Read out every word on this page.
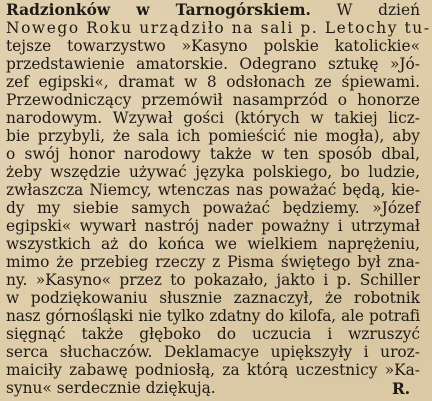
Radzionków w Tarnogórskiem. W dzień
Nowego Roku urządziło na sali p. Letochy tu-
tejsze towarzystwo »Kasyno polskie katolickie«
przedstawienie amatorskie. Odegrano sztukę »Jó-
zef egipski«, dramat w 8 odsłonach ze śpiewami.
Przewodniczący przemówił nasamprzód o honorze
narodowym. Wzywał gości (których w takiej licz-
bie przybyli, że sala ich pomieścić nie mogła), aby
o swój honor narodowy także w ten sposób dbal,
żeby wszędzie używać języka polskiego, bo ludzie,
zwłaszcza Niemcy, wtenczas nas poważać będą, kie-
dy my siebie samych poważać będziemy. »Józef
egipski« wywarł nastrój nader poważny i utrzymał
wszystkich aż do końca we wielkiem naprężeniu,
mimo że przebieg rzeczy z Pisma świętego był zna-
ny. »Kasyno« przez to pokazało, jakto i p. Schiller
w podziękowaniu słusznie zaznaczył, że robotnik
nasz górnośląski nie tylko zdatny do kilofa, ale potrafi
sięgnąć także głęboko do uczucia i wzruszyć
serca słuchaczów. Deklamacye upiększyły i uroz-
maiciły zabawę podniosłą, za którą uczestnicy »Ka-
synu« serdecznie dziękują.	R.
